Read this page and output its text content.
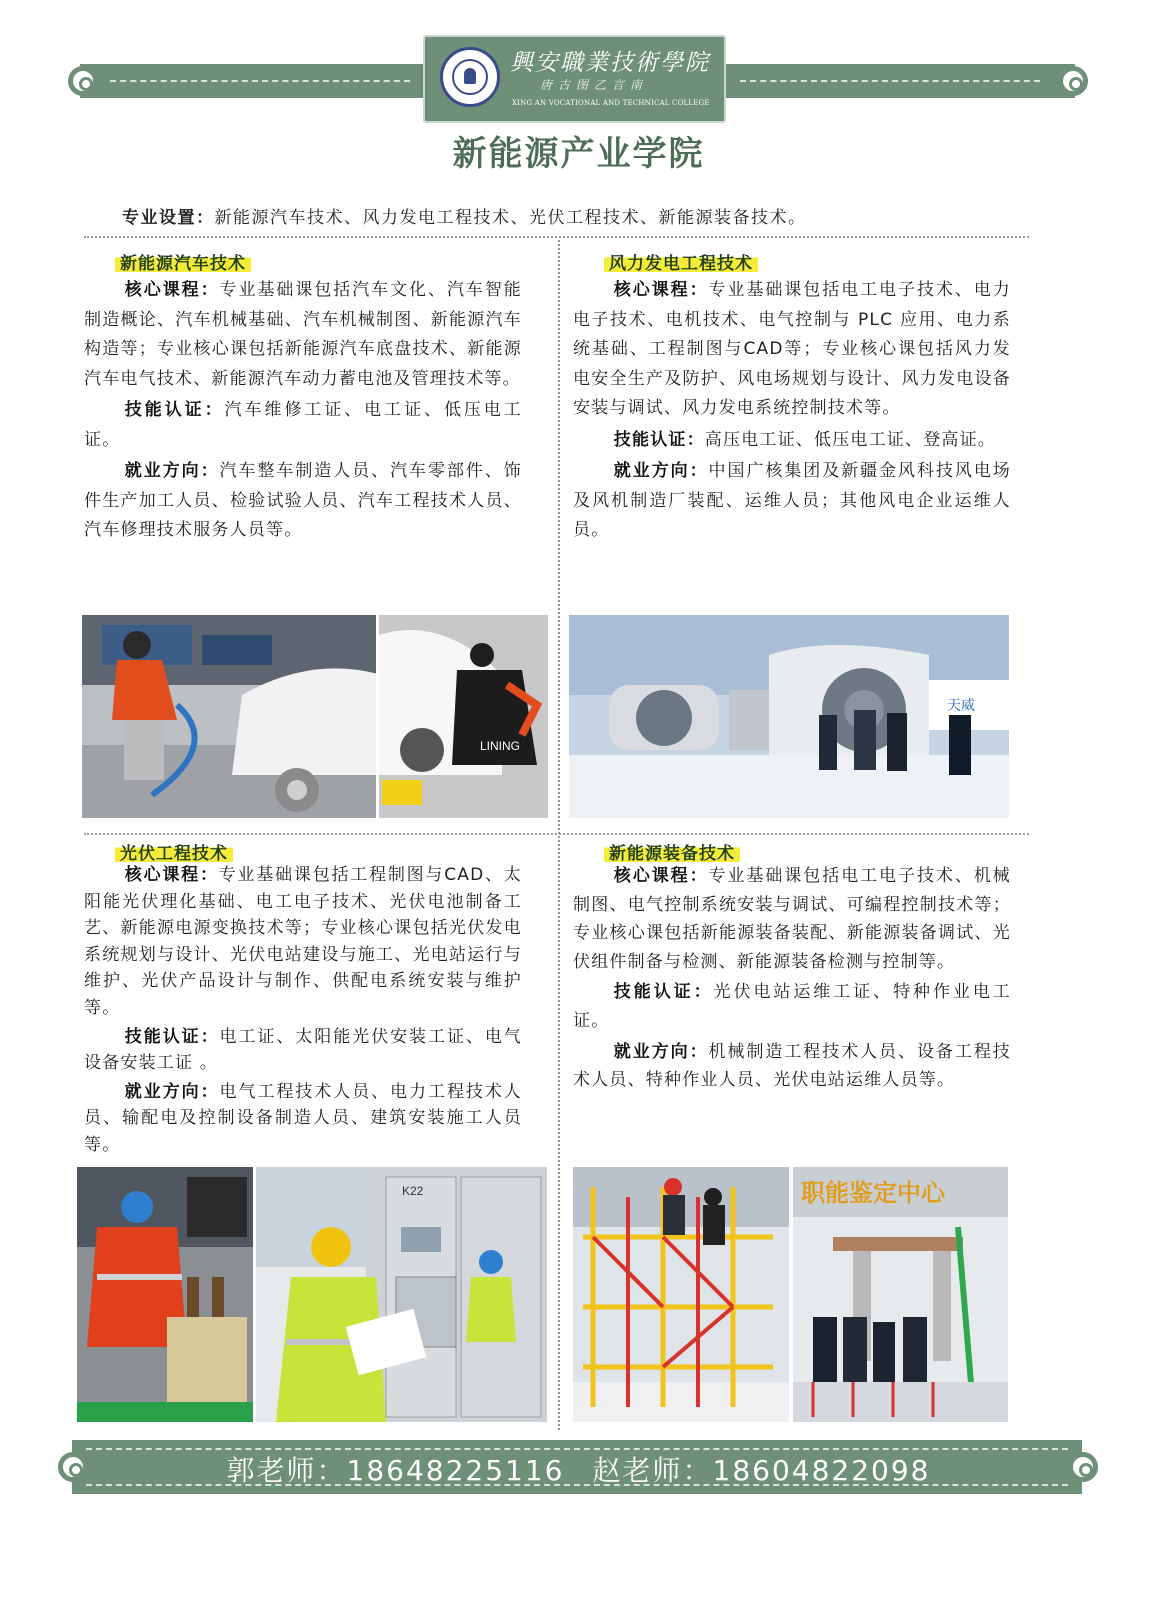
興安職業技術學院
唐古图乙言南
XING AN VOCATIONAL AND TECHNICAL COLLEGE
新能源产业学院
专业设置：新能源汽车技术、风力发电工程技术、光伏工程技术、新能源装备技术。
新能源汽车技术

核心课程：专业基础课包括汽车文化、汽车智能制造概论、汽车机械基础、汽车机械制图、新能源汽车构造等；专业核心课包括新能源汽车底盘技术、新能源汽车电气技术、新能源汽车动力蓄电池及管理技术等。

技能认证：汽车维修工证、电工证、低压电工证。

就业方向：汽车整车制造人员、汽车零部件、饰件生产加工人员、检验试验人员、汽车工程技术人员、汽车修理技术服务人员等。

风力发电工程技术

核心课程：专业基础课包括电工电子技术、电力电子技术、电机技术、电气控制与 PLC 应用、电力系统基础、工程制图与CAD等；专业核心课包括风力发电安全生产及防护、风电场规划与设计、风力发电设备安装与调试、风力发电系统控制技术等。

技能认证：高压电工证、低压电工证、登高证。

就业方向：中国广核集团及新疆金风科技风电场及风机制造厂装配、运维人员；其他风电企业运维人员。

LINING
天威
光伏工程技术

核心课程：专业基础课包括工程制图与CAD、太阳能光伏理化基础、电工电子技术、光伏电池制备工艺、新能源电源变换技术等；专业核心课包括光伏发电系统规划与设计、光伏电站建设与施工、光电站运行与维护、光伏产品设计与制作、供配电系统安装与维护等。

技能认证：电工证、太阳能光伏安装工证、电气设备安装工证 。

就业方向：电气工程技术人员、电力工程技术人员、输配电及控制设备制造人员、建筑安装施工人员等。

新能源装备技术

核心课程：专业基础课包括电工电子技术、机械制图、电气控制系统安装与调试、可编程控制技术等；专业核心课包括新能源装备装配、新能源装备调试、光伏组件制备与检测、新能源装备检测与控制等。

技能认证：光伏电站运维工证、特种作业电工证。

就业方向：机械制造工程技术人员、设备工程技术人员、特种作业人员、光伏电站运维人员等。

K22	职能鉴定中心
郭老师：18648225116 赵老师：18604822098
